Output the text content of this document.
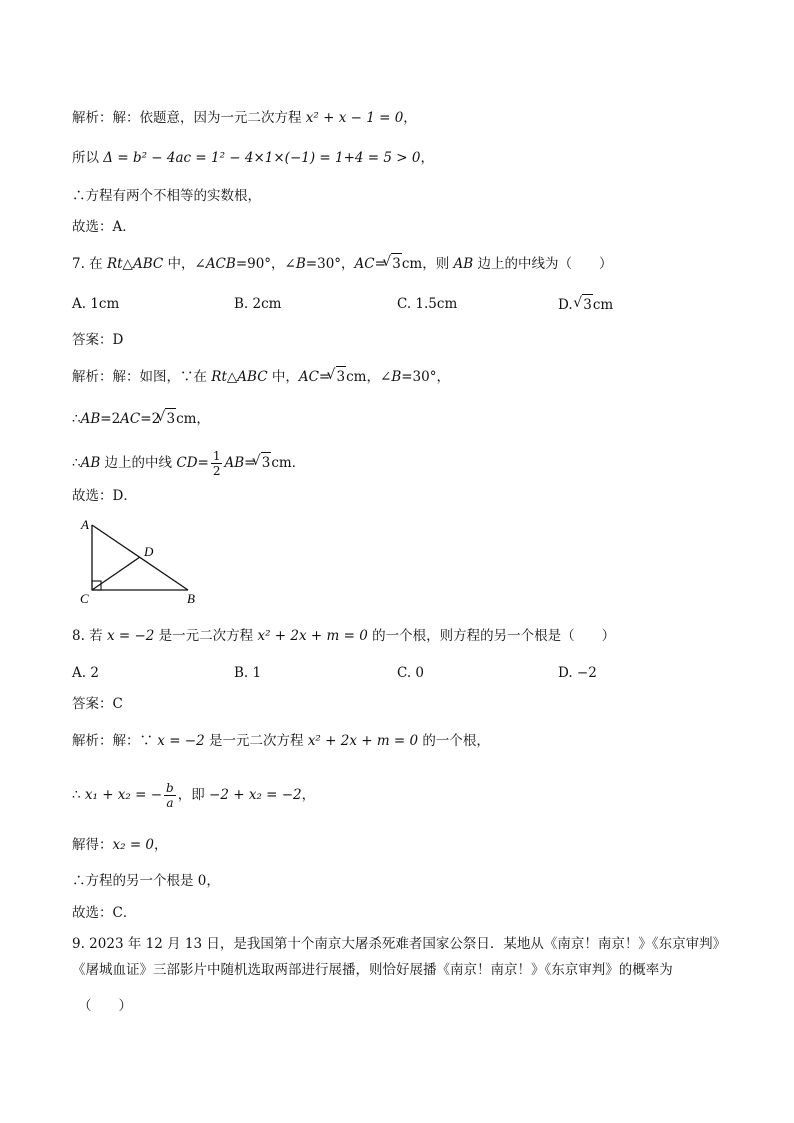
解析：解：依题意，因为一元二次方程 x² + x − 1 = 0，
所以 Δ = b² − 4ac = 1² − 4×1×(−1) = 1+4 = 5 > 0，
∴方程有两个不相等的实数根，
故选：A．
7. 在 Rt△ABC 中，∠ACB=90°，∠B=30°，AC= √ 3cm，则 AB 边上的中线为（　　）
A. 1cm	B. 2cm	C. 1.5cm	D.  √ 3cm
答案：D
解析：解：如图，∵在 Rt△ABC 中，AC= √ 3cm，∠B=30°，
∴AB=2AC=2 √ 3cm，
∴AB 边上的中线 $CD= \frac{1}{2} AB=$ √ 3cm．
故选：D．
A
D
C	B
8. 若 x = −2 是一元二次方程 x² + 2x + m = 0 的一个根，则方程的另一个根是（　　）
A. 2	B. 1	C. 0	D. −2
答案：C
解析：解：∵ x = −2 是一元二次方程 x² + 2x + m = 0 的一个根，
∴ x₁ + x₂ = − $\frac{b}{a}$ ，即 −2 + x₂ = −2，
解得：x₂ = 0，
∴方程的另一个根是 0，
故选：C．
9. 2023 年 12 月 13 日，是我国第十个南京大屠杀死难者国家公祭日．某地从《南京！南京！》《东京审判》《屠城血证》三部影片中随机选取两部进行展播，则恰好展播《南京！南京！》《东京审判》的概率为
（　　）
